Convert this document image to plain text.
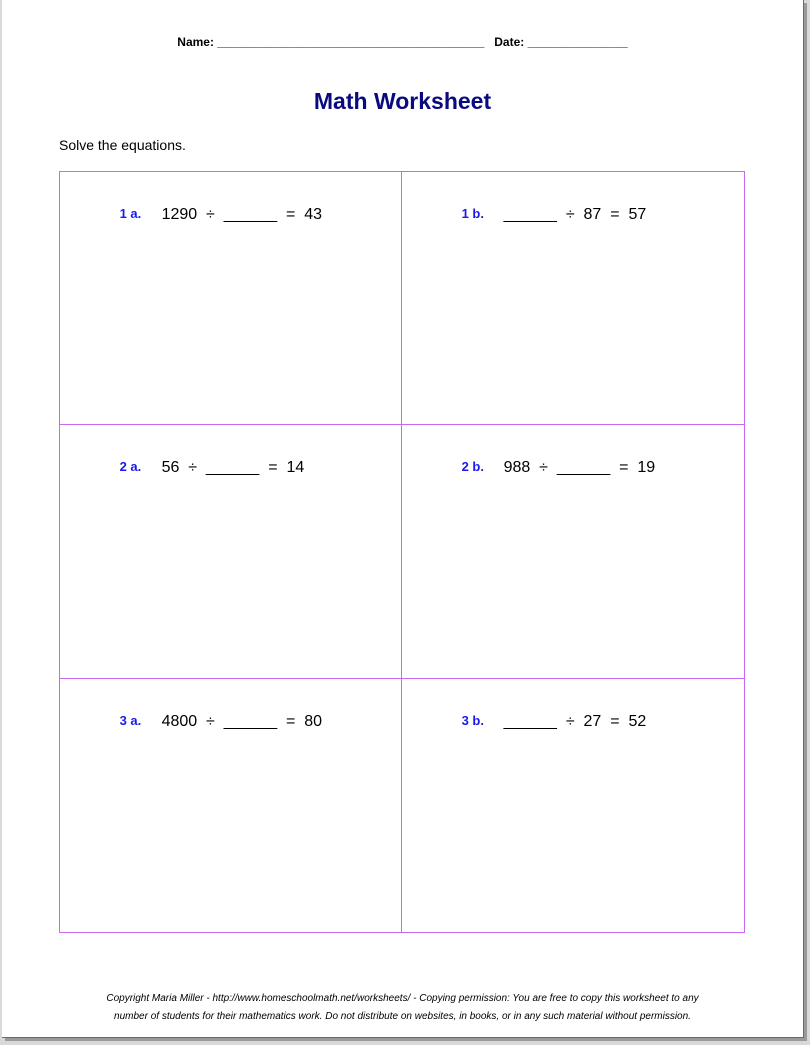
Name: ________________________________________   Date: _______________
Math Worksheet
Solve the equations.

1 a. 1290  ÷  ______  =  43
	1 b. ______  ÷  87  =  57

2 a. 56  ÷  ______  =  14
	2 b. 988  ÷  ______  =  19

3 a. 4800  ÷  ______  =  80
	3 b. ______  ÷  27  =  52

Copyright Maria Miller - http://www.homeschoolmath.net/worksheets/ - Copying permission: You are free to copy this worksheet to any
number of students for their mathematics work. Do not distribute on websites, in books, or in any such material without permission.
